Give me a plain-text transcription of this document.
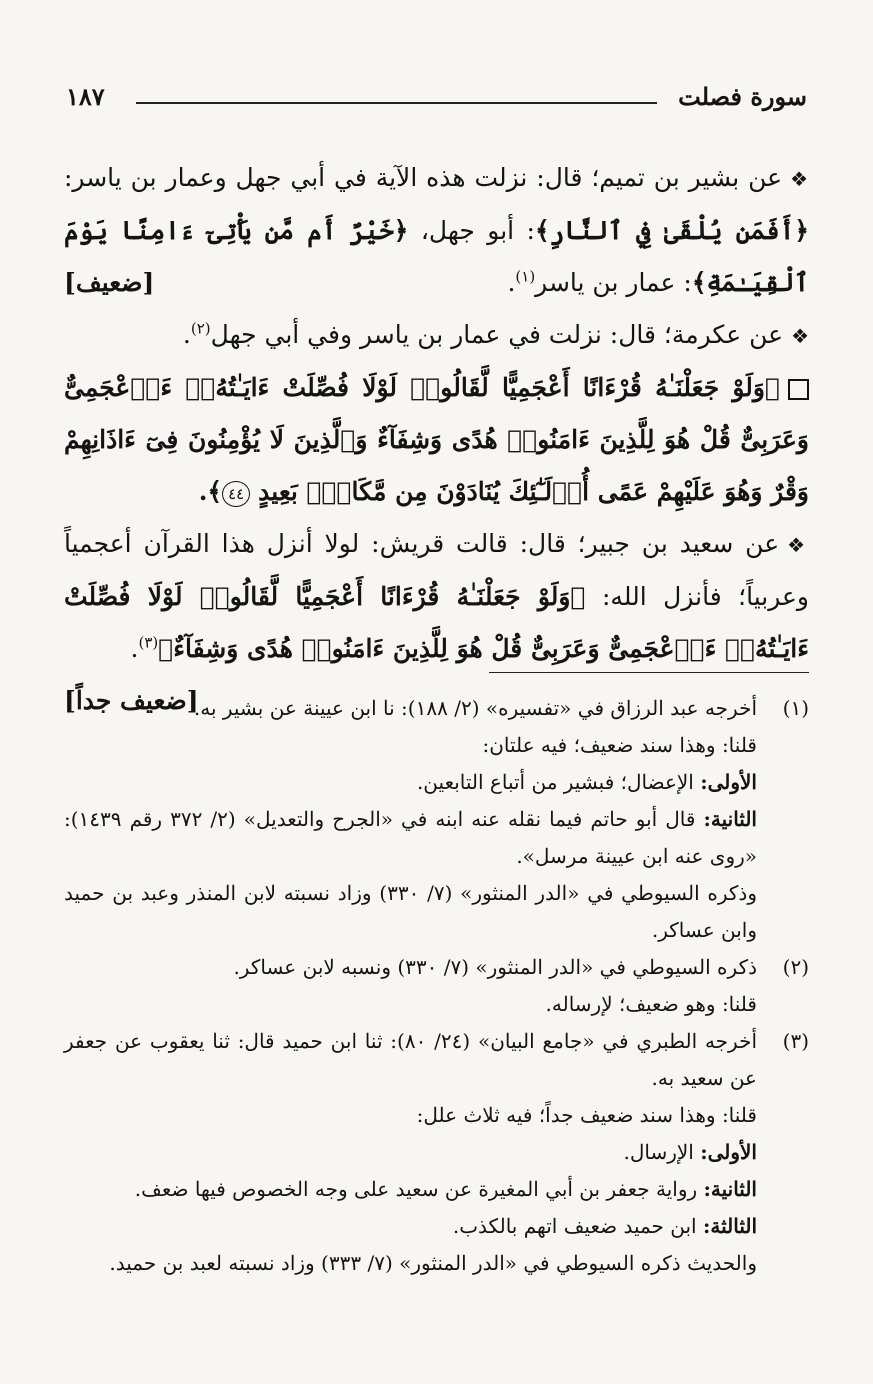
سورة فصلت
١٨٧

❖عن بشير بن تميم؛ قال: نزلت هذه الآية في أبي جهل وعمار بن ياسر: ﴿أَفَمَن يُلْقَىٰ فِي ٱلنَّارِ﴾: أبو جهل، ﴿خَيْرٌ أَم مَّن يَأْتِىٓ ءَامِنًا يَوْمَ ٱلْقِيَـٰمَةِ﴾: عمار بن ياسر$^{(١)}$.
[ضعيف]

❖عن عكرمة؛ قال: نزلت في عمار بن ياسر وفي أبي جهل$^{(٢)}$.

﴿وَلَوْ جَعَلْنَـٰهُ قُرْءَانًا أَعْجَمِيًّا لَّقَالُوا۟ لَوْلَا فُصِّلَتْ ءَايَـٰتُهُۥٓ ءَا۬عْجَمِىٌّ وَعَرَبِىٌّ قُلْ هُوَ لِلَّذِينَ ءَامَنُوا۟ هُدًى وَشِفَآءٌ وَٱلَّذِينَ لَا يُؤْمِنُونَ فِىٓ ءَاذَانِهِمْ وَقْرٌ وَهُوَ عَلَيْهِمْ عَمًى أُو۟لَـٰٓئِكَ يُنَادَوْنَ مِن مَّكَانٍۭ بَعِيدٍ ٤٤﴾.

❖عن سعيد بن جبير؛ قال: قالت قريش: لولا أنزل هذا القرآن أعجمياً وعربياً؛ فأنزل الله: ﴿وَلَوْ جَعَلْنَـٰهُ قُرْءَانًا أَعْجَمِيًّا لَّقَالُوا۟ لَوْلَا فُصِّلَتْ ءَايَـٰتُهُۥٓ ءَا۬عْجَمِىٌّ وَعَرَبِىٌّ قُلْ هُوَ لِلَّذِينَ ءَامَنُوا۟ هُدًى وَشِفَآءٌ﴾$^{(٣)}$.
[ضعيف جداً]	(١)

أخرجه عبد الرزاق في «تفسيره» (٢/ ١٨٨): نا ابن عيينة عن بشير به.

قلنا: وهذا سند ضعيف؛ فيه علتان:

الأولى: الإعضال؛ فبشير من أتباع التابعين.

الثانية: قال أبو حاتم فيما نقله عنه ابنه في «الجرح والتعديل» (٢/ ٣٧٢ رقم ١٤٣٩): «روى عنه ابن عيينة مرسل».

وذكره السيوطي في «الدر المنثور» (٧/ ٣٣٠) وزاد نسبته لابن المنذر وعبد بن حميد وابن عساكر.

(٢)

ذكره السيوطي في «الدر المنثور» (٧/ ٣٣٠) ونسبه لابن عساكر.

قلنا: وهو ضعيف؛ لإرساله.

(٣)

أخرجه الطبري في «جامع البيان» (٢٤/ ٨٠): ثنا ابن حميد قال: ثنا يعقوب عن جعفر عن سعيد به.

قلنا: وهذا سند ضعيف جداً؛ فيه ثلاث علل:

الأولى: الإرسال.

الثانية: رواية جعفر بن أبي المغيرة عن سعيد على وجه الخصوص فيها ضعف.

الثالثة: ابن حميد ضعيف اتهم بالكذب.

والحديث ذكره السيوطي في «الدر المنثور» (٧/ ٣٣٣) وزاد نسبته لعبد بن حميد.
